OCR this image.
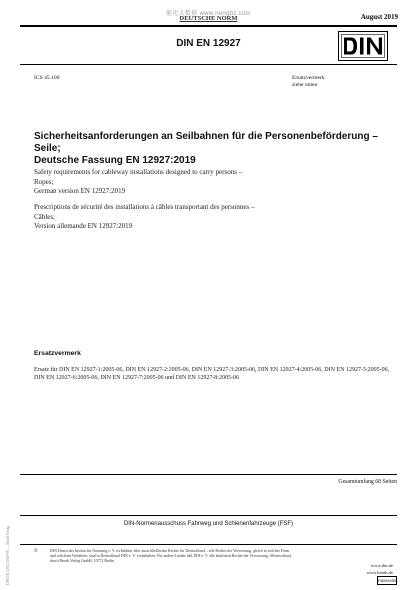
能化大数据 www.nengbz.com
DEUTSCHE NORM	August 2019
DIN EN 12927
ICS 45.100	Ersatzvermerk
siehe unten
Sicherheitsanforderungen an Seilbahnen für die Personenbeförderung –
Seile;
Deutsche Fassung EN 12927:2019
Safety requirements for cableway installations designed to carry persons –
Ropes;
German version EN 12927:2019
Prescriptions de sécurité des installations à câbles transportant des personnes –
Câbles;
Version allemande EN 12927:2019
Ersatzvermerk
Ersatz für DIN EN 12927-1:2005-06, DIN EN 12927-2:2005-06, DIN EN 12927-3:2005-06, DIN EN 12927-4:2005-06, DIN EN 12927-5:2005-06, DIN EN 12927-6:2005-06, DIN EN 12927-7:2005-06 und DIN EN 12927-8:2005-06
Gesamtumfang 68 Seiten
DIN-Normenausschuss Fahrweg und Schienenfahrzeuge (FSF)
©	DIN Deutsches Institut für Normung e. V. ist Inhaber aller ausschließlichen Rechte für Deutschland – alle Rechte der Verwertung, gleich in welcher Form und welchem Verfahren, sind in Deutschland DIN e. V. vorbehalten. Für andere Länder hält DIN e. V. alle ähnlichen Rechte der Verwertung. Alleinverkauf durch Beuth Verlag GmbH, 10772 Berlin
www.din.de
www.beuth.de
F8004990
DIN EN 12927:2019-08 — Beuth Verlag
